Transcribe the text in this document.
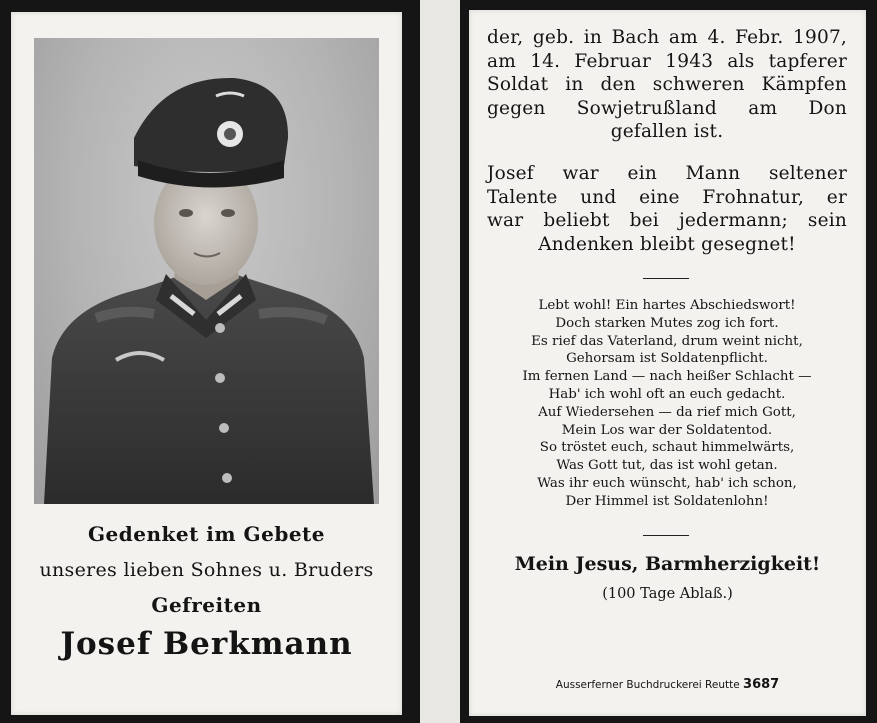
Gedenket im Gebete
unseres lieben Sohnes u. Bruders
Gefreiten
Josef Berkmann
der, geb. in Bach am 4. Febr. 1907,
am 14. Februar 1943 als tapferer
Soldat in den schweren Kämpfen
gegen Sowjetrußland am Don
gefallen ist.
Josef war ein Mann seltener
Talente und eine Frohnatur, er
war beliebt bei jedermann; sein
Andenken bleibt gesegnet!
Lebt wohl! Ein hartes Abschiedswort!
Doch starken Mutes zog ich fort.
Es rief das Vaterland, drum weint nicht,
Gehorsam ist Soldatenpflicht.
Im fernen Land — nach heißer Schlacht —
Hab' ich wohl oft an euch gedacht.
Auf Wiedersehen — da rief mich Gott,
Mein Los war der Soldatentod.
So tröstet euch, schaut himmelwärts,
Was Gott tut, das ist wohl getan.
Was ihr euch wünscht, hab' ich schon,
Der Himmel ist Soldatenlohn!
Mein Jesus, Barmherzigkeit!
(100 Tage Ablaß.)
Ausserferner Buchdruckerei Reutte 3687
